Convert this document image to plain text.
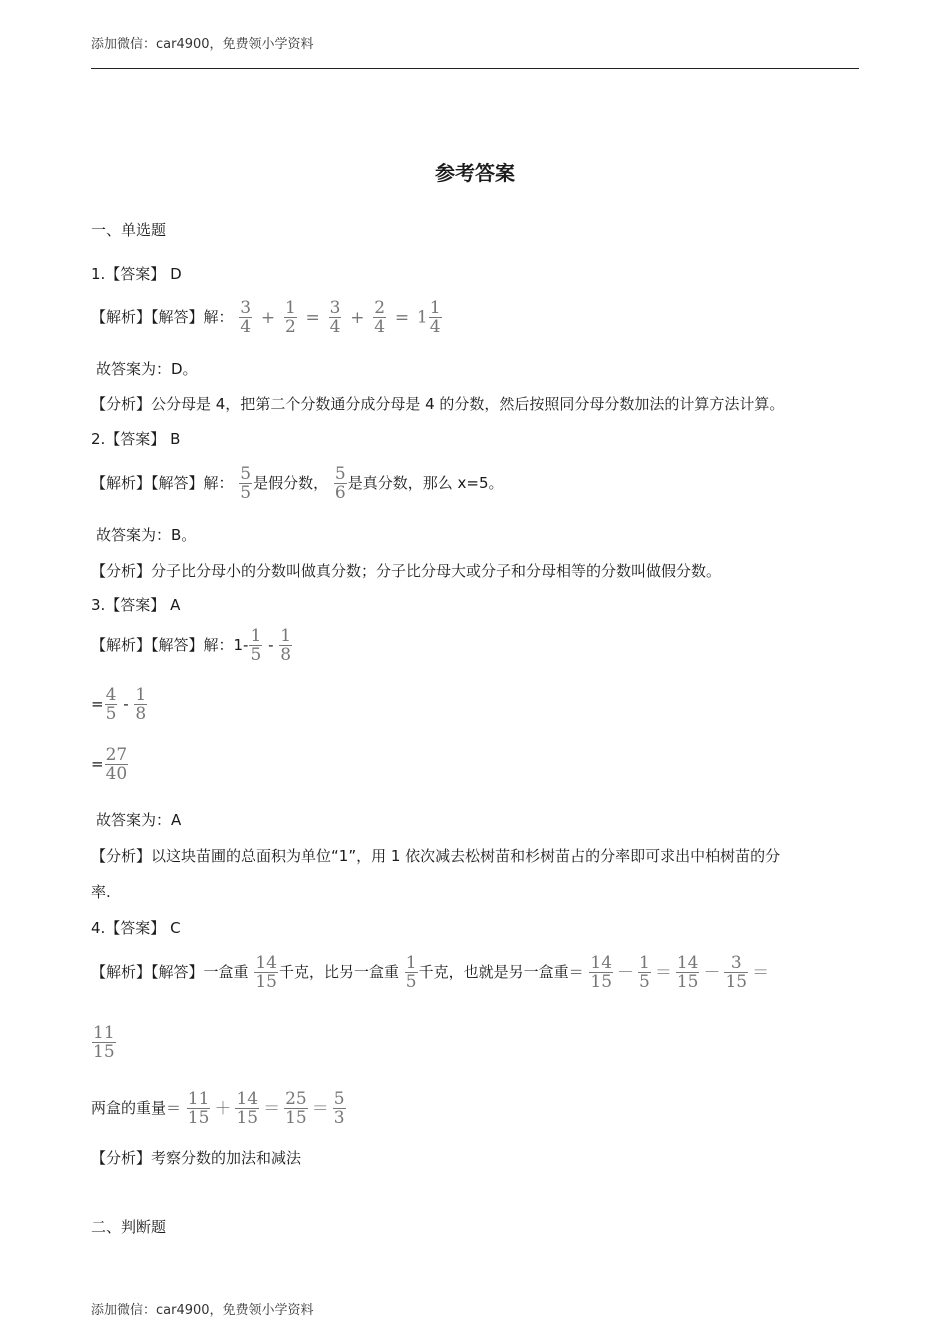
添加微信：car4900，免费领小学资料
参考答案
一、单选题
1.【答案】 D
【解析】【解答】解： $\frac{3}{4} + \frac{1}{2} = \frac{3}{4} + \frac{2}{4} = 1 \frac{1}{4}$
故答案为：D。
【分析】公分母是 4，把第二个分数通分成分母是 4 的分数，然后按照同分母分数加法的计算方法计算。
2.【答案】 B
【解析】【解答】解： $\frac{5}{5}$ 是假分数， $\frac{5}{6}$ 是真分数，那么 x=5。
故答案为：B。
【分析】分子比分母小的分数叫做真分数；分子比分母大或分子和分母相等的分数叫做假分数。
3.【答案】 A
【解析】【解答】解：$1- \frac{1}{5} - \frac{1}{8}$
= $\frac{4}{5} - \frac{1}{8}$
= $\frac{27}{40}$
故答案为：A
【分析】以这块苗圃的总面积为单位“1”，用 1 依次减去松树苗和杉树苗占的分率即可求出中柏树苗的分
率.
4.【答案】 C
【解析】【解答】一盒重 $\frac{14}{15}$ 千克，比另一盒重 $\frac{1}{5}$ 千克，也就是另一盒重＝ $\frac{14}{15} - \frac{1}{5} = \frac{14}{15} - \frac{3}{15}$ ＝
$\frac{11}{15}$
两盒的重量＝ $\frac{11}{15} + \frac{14}{15} = \frac{25}{15} = \frac{5}{3}$
【分析】考察分数的加法和减法
二、判断题
添加微信：car4900，免费领小学资料
